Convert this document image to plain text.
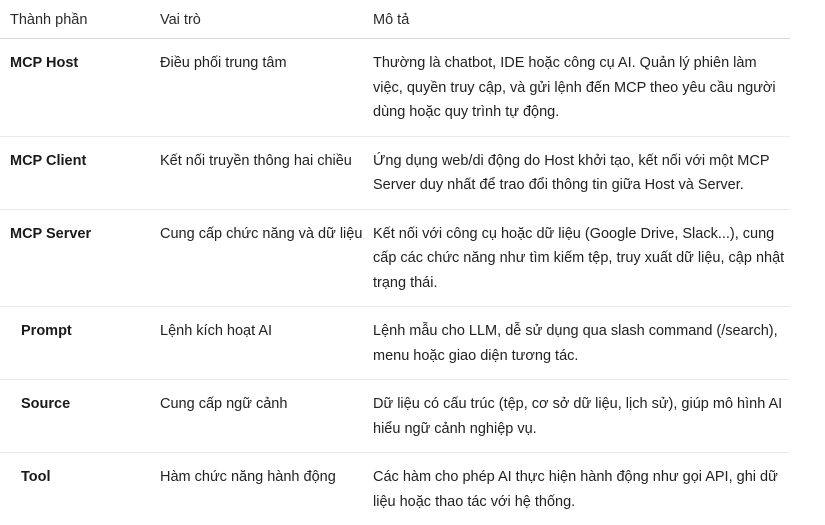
Thành phần	Vai trò	Mô tả
MCP Host	Điều phối trung tâm	Thường là chatbot, IDE hoặc công cụ AI. Quản lý phiên làm việc, quyền truy cập, và gửi lệnh đến MCP theo yêu cầu người dùng hoặc quy trình tự động.
MCP Client	Kết nối truyền thông hai chiều	Ứng dụng web/di động do Host khởi tạo, kết nối với một MCP Server duy nhất để trao đổi thông tin giữa Host và Server.
MCP Server	Cung cấp chức năng và dữ liệu	Kết nối với công cụ hoặc dữ liệu (Google Drive, Slack...), cung cấp các chức năng như tìm kiếm tệp, truy xuất dữ liệu, cập nhật trạng thái.
Prompt	Lệnh kích hoạt AI	Lệnh mẫu cho LLM, dễ sử dụng qua slash command (/search), menu hoặc giao diện tương tác.
Source	Cung cấp ngữ cảnh	Dữ liệu có cấu trúc (tệp, cơ sở dữ liệu, lịch sử), giúp mô hình AI hiểu ngữ cảnh nghiệp vụ.
Tool	Hàm chức năng hành động	Các hàm cho phép AI thực hiện hành động như gọi API, ghi dữ liệu hoặc thao tác với hệ thống.
